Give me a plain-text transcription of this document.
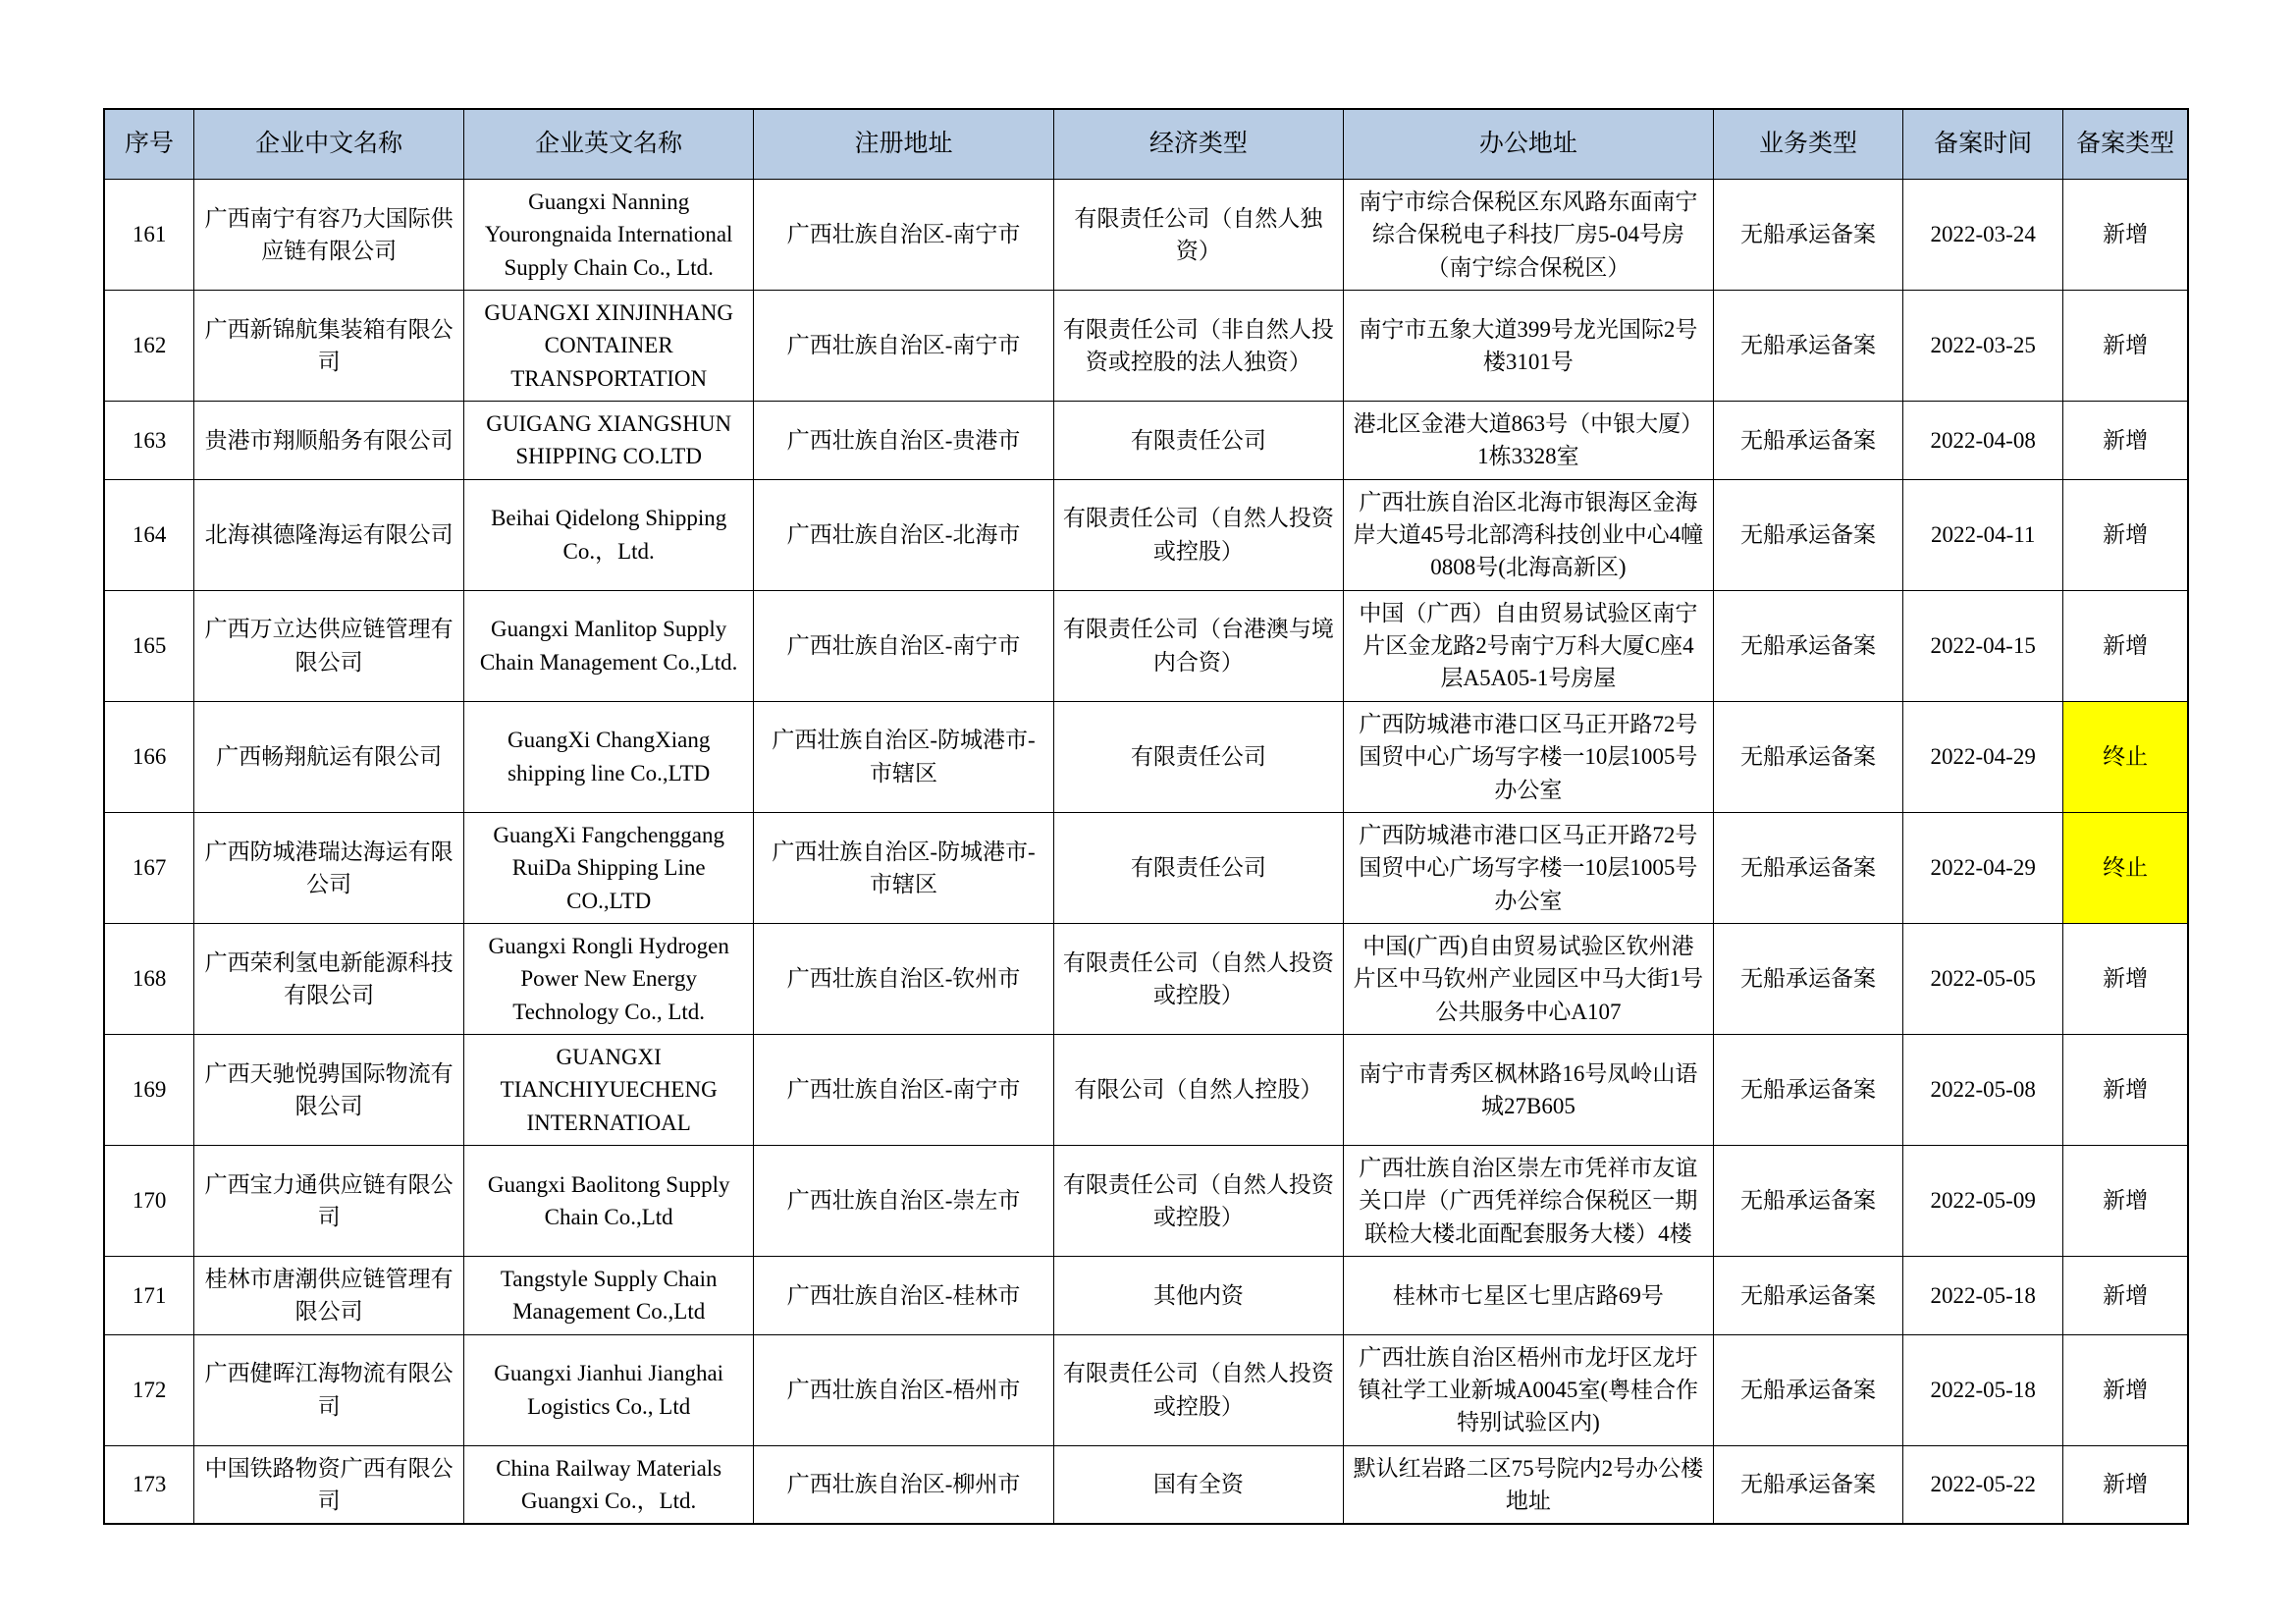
序号	企业中文名称	企业英文名称	注册地址	经济类型	办公地址	业务类型	备案时间	备案类型
161	广西南宁有容乃大国际供应链有限公司	Guangxi Nanning Yourongnaida International Supply Chain Co., Ltd.	广西壮族自治区-南宁市	有限责任公司（自然人独资）	南宁市综合保税区东风路东面南宁综合保税电子科技厂房5-04号房（南宁综合保税区）	无船承运备案	2022-03-24	新增
162	广西新锦航集装箱有限公司	GUANGXI XINJINHANG CONTAINER TRANSPORTATION	广西壮族自治区-南宁市	有限责任公司（非自然人投资或控股的法人独资）	南宁市五象大道399号龙光国际2号楼3101号	无船承运备案	2022-03-25	新增
163	贵港市翔顺船务有限公司	GUIGANG XIANGSHUN SHIPPING CO.LTD	广西壮族自治区-贵港市	有限责任公司	港北区金港大道863号（中银大厦）1栋3328室	无船承运备案	2022-04-08	新增
164	北海祺德隆海运有限公司	Beihai Qidelong Shipping Co.，Ltd.	广西壮族自治区-北海市	有限责任公司（自然人投资或控股）	广西壮族自治区北海市银海区金海岸大道45号北部湾科技创业中心4幢0808号(北海高新区)	无船承运备案	2022-04-11	新增
165	广西万立达供应链管理有限公司	Guangxi Manlitop Supply Chain Management Co.,Ltd.	广西壮族自治区-南宁市	有限责任公司（台港澳与境内合资）	中国（广西）自由贸易试验区南宁片区金龙路2号南宁万科大厦C座4层A5A05-1号房屋	无船承运备案	2022-04-15	新增
166	广西畅翔航运有限公司	GuangXi ChangXiang shipping line Co.,LTD	广西壮族自治区-防城港市-市辖区	有限责任公司	广西防城港市港口区马正开路72号国贸中心广场写字楼一10层1005号办公室	无船承运备案	2022-04-29	终止
167	广西防城港瑞达海运有限公司	GuangXi Fangchenggang RuiDa Shipping Line CO.,LTD	广西壮族自治区-防城港市-市辖区	有限责任公司	广西防城港市港口区马正开路72号国贸中心广场写字楼一10层1005号办公室	无船承运备案	2022-04-29	终止
168	广西荣利氢电新能源科技有限公司	Guangxi Rongli Hydrogen Power New Energy Technology Co., Ltd.	广西壮族自治区-钦州市	有限责任公司（自然人投资或控股）	中国(广西)自由贸易试验区钦州港片区中马钦州产业园区中马大街1号公共服务中心A107	无船承运备案	2022-05-05	新增
169	广西天驰悦骋国际物流有限公司	GUANGXI TIANCHIYUECHENG INTERNATIOAL	广西壮族自治区-南宁市	有限公司（自然人控股）	南宁市青秀区枫林路16号凤岭山语城27B605	无船承运备案	2022-05-08	新增
170	广西宝力通供应链有限公司	Guangxi Baolitong Supply Chain Co.,Ltd	广西壮族自治区-崇左市	有限责任公司（自然人投资或控股）	广西壮族自治区崇左市凭祥市友谊关口岸（广西凭祥综合保税区一期联检大楼北面配套服务大楼）4楼	无船承运备案	2022-05-09	新增
171	桂林市唐潮供应链管理有限公司	Tangstyle Supply Chain Management Co.,Ltd	广西壮族自治区-桂林市	其他内资	桂林市七星区七里店路69号	无船承运备案	2022-05-18	新增
172	广西健晖江海物流有限公司	Guangxi Jianhui Jianghai Logistics Co., Ltd	广西壮族自治区-梧州市	有限责任公司（自然人投资或控股）	广西壮族自治区梧州市龙圩区龙圩镇社学工业新城A0045室(粤桂合作特别试验区内)	无船承运备案	2022-05-18	新增
173	中国铁路物资广西有限公司	China Railway Materials Guangxi Co.，Ltd.	广西壮族自治区-柳州市	国有全资	默认红岩路二区75号院内2号办公楼地址	无船承运备案	2022-05-22	新增
